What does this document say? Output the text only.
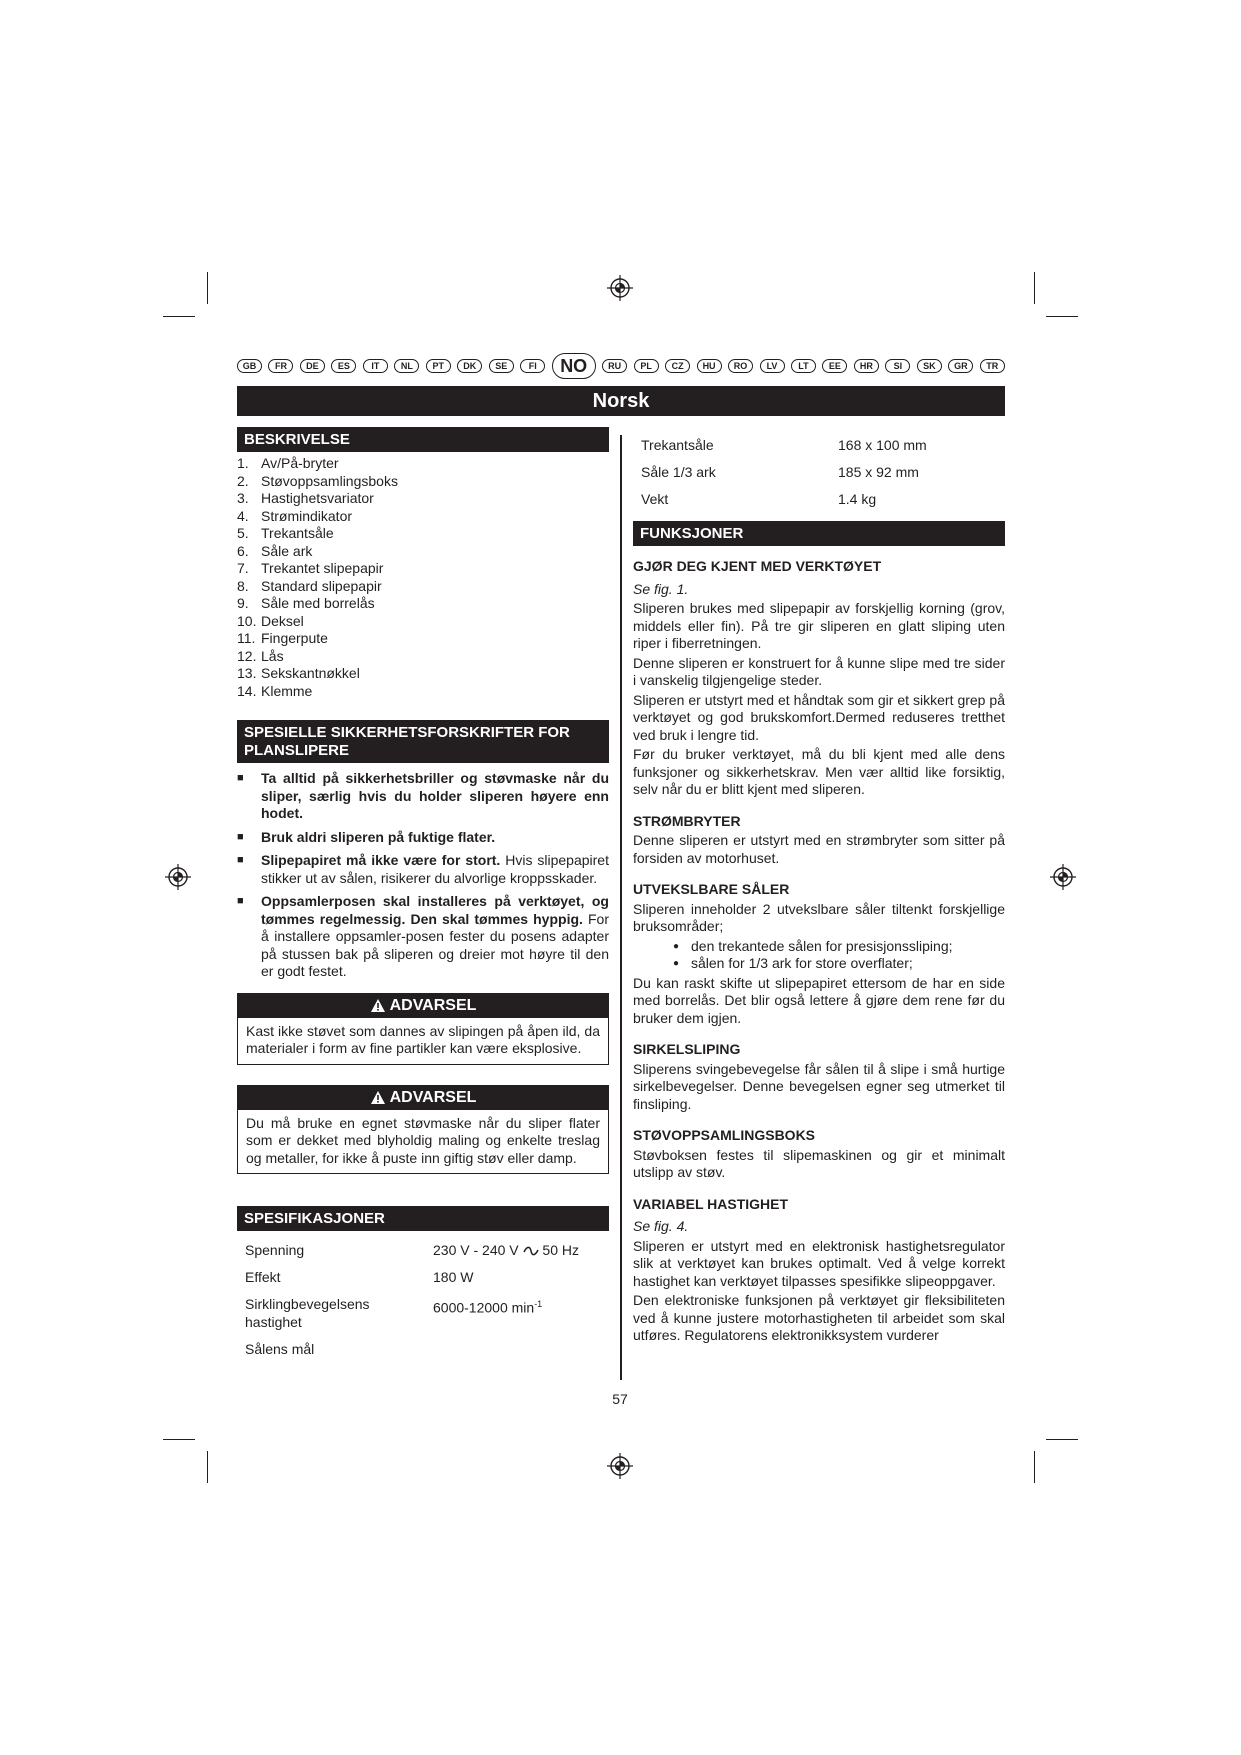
GB	FR	DE	ES	IT	NL	PT	DK	SE	FI	NO	RU	PL	CZ	HU	RO	LV	LT	EE	HR	SI	SK	GR	TR
Norsk
BESKRIVELSE
1. Av/På-bryter
2. Støvoppsamlingsboks
3. Hastighetsvariator
4. Strømindikator
5. Trekantsåle
6. Såle ark
7. Trekantet slipepapir
8. Standard slipepapir
9. Såle med borrelås
10. Deksel
11. Fingerpute
12. Lås
13. Sekskantnøkkel
14. Klemme
SPESIELLE SIKKERHETSFORSKRIFTER FOR PLANSLIPERE
■	Ta alltid på sikkerhetsbriller og støvmaske når du sliper, særlig hvis du holder sliperen høyere enn hodet.
■	Bruk aldri sliperen på fuktige flater.
■	Slipepapiret må ikke være for stort. Hvis slipepapiret stikker ut av sålen, risikerer du alvorlige kroppsskader.
■	Oppsamlerposen skal installeres på verktøyet, og tømmes regelmessig. Den skal tømmes hyppig. For å installere oppsamler-posen fester du posens adapter på stussen bak på sliperen og dreier mot høyre til den er godt festet.
ADVARSEL
Kast ikke støvet som dannes av slipingen på åpen ild, da materialer i form av fine partikler kan være eksplosive.
ADVARSEL
Du må bruke en egnet støvmaske når du sliper flater som er dekket med blyholdig maling og enkelte treslag og metaller, for ikke å puste inn giftig støv eller damp.
SPESIFIKASJONER
Spenning	230 V - 240 V 50 Hz
Effekt	180 W
Sirklingbevegelsens hastighet	6000-12000 $\min^{-1}$
Sålens mål	
Trekantsåle	168 x 100 mm
Såle 1/3 ark	185 x 92 mm
Vekt	1.4 kg
FUNKSJONER
GJØR DEG KJENT MED VERKTØYET
Se fig. 1.
Sliperen brukes med slipepapir av forskjellig korning (grov, middels eller fin). På tre gir sliperen en glatt sliping uten riper i fiberretningen.
Denne sliperen er konstruert for å kunne slipe med tre sider i vanskelig tilgjengelige steder.
Sliperen er utstyrt med et håndtak som gir et sikkert grep på verktøyet og god brukskomfort.Dermed reduseres tretthet ved bruk i lengre tid.
Før du bruker verktøyet, må du bli kjent med alle dens funksjoner og sikkerhetskrav. Men vær alltid like forsiktig, selv når du er blitt kjent med sliperen.
STRØMBRYTER
Denne sliperen er utstyrt med en strømbryter som sitter på forsiden av motorhuset.
UTVEKSLBARE SÅLER
Sliperen inneholder 2 utvekslbare såler tiltenkt forskjellige bruksområder;
● den trekantede sålen for presisjonssliping;
● sålen for 1/3 ark for store overflater;
Du kan raskt skifte ut slipepapiret ettersom de har en side med borrelås. Det blir også lettere å gjøre dem rene før du bruker dem igjen.
SIRKELSLIPING
Sliperens svingebevegelse får sålen til å slipe i små hurtige sirkelbevegelser. Denne bevegelsen egner seg utmerket til finsliping.
STØVOPPSAMLINGSBOKS
Støvboksen festes til slipemaskinen og gir et minimalt utslipp av støv.
VARIABEL HASTIGHET
Se fig. 4.
Sliperen er utstyrt med en elektronisk hastighetsregulator slik at verktøyet kan brukes optimalt. Ved å velge korrekt hastighet kan verktøyet tilpasses spesifikke slipeoppgaver.
Den elektroniske funksjonen på verktøyet gir fleksibiliteten ved å kunne justere motorhastigheten til arbeidet som skal utføres. Regulatorens elektronikksystem vurderer
57
